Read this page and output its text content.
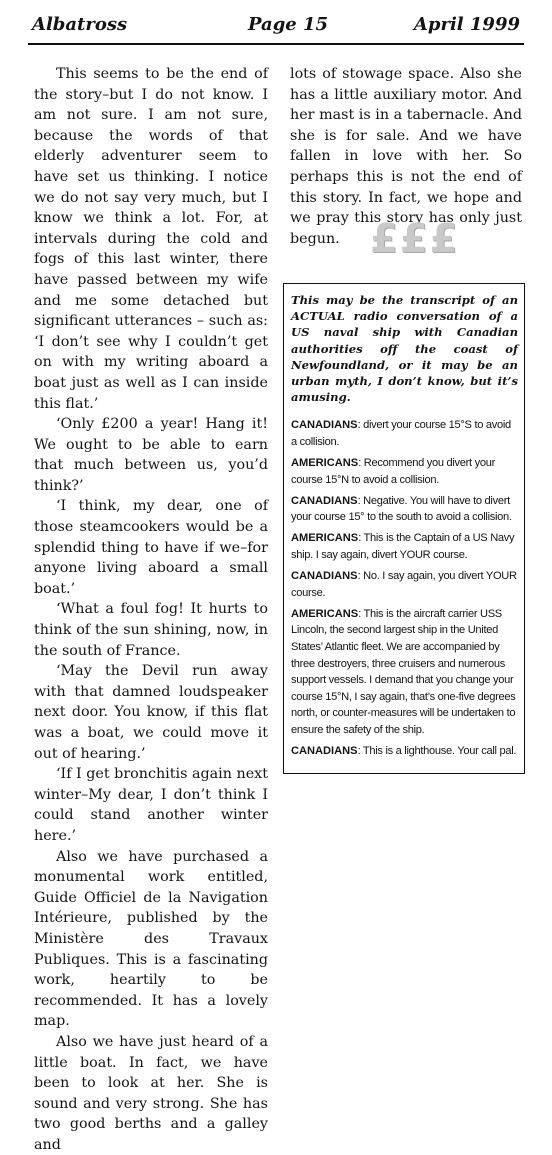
Albatross	Page 15	April 1999

This seems to be the end of the story–but I do not know. I am not sure. I am not sure, because the words of that elderly adventurer seem to have set us thinking. I notice we do not say very much, but I know we think a lot. For, at intervals during the cold and fogs of this last winter, there have passed between my wife and me some detached but significant utterances – such as: ‘I don’t see why I couldn’t get on with my writing aboard a boat just as well as I can inside this flat.’

‘Only £200 a year! Hang it! We ought to be able to earn that much between us, you’d think?’

‘I think, my dear, one of those steamcookers would be a splendid thing to have if we–for anyone living aboard a small boat.’

‘What a foul fog! It hurts to think of the sun shining, now, in the south of France.

‘May the Devil run away with that damned loudspeaker next door. You know, if this flat was a boat, we could move it out of hearing.’

‘If I get bronchitis again next winter–My dear, I don’t think I could stand another winter here.’

Also we have purchased a monumental work entitled, Guide Officiel de la Navigation Intérieure, published by the Ministère des Travaux Publiques. This is a fascinating work, heartily to be recommended. It has a lovely map.

Also we have just heard of a little boat. In fact, we have been to look at her. She is sound and very strong. She has two good berths and a galley and

lots of stowage space. Also she has a little auxiliary motor. And her mast is in a tabernacle. And she is for sale. And we have fallen in love with her. So perhaps this is not the end of this story. In fact, we hope and we pray this story has only just begun. £££

This may be the transcript of an ACTUAL radio conversation of a US naval ship with Canadian authorities off the coast of Newfoundland, or it may be an urban myth, I don’t know, but it’s amusing.

CANADIANS: divert your course 15°S to avoid a collision.

AMERICANS: Recommend you divert your course 15°N to avoid a collision.

CANADIANS: Negative. You will have to divert your course 15° to the south to avoid a collision.

AMERICANS: This is the Captain of a US Navy ship. I say again, divert YOUR course.

CANADIANS: No. I say again, you divert YOUR course.

AMERICANS: This is the aircraft carrier USS Lincoln, the second largest ship in the United States’ Atlantic fleet. We are accompanied by three destroyers, three cruisers and numerous support vessels. I demand that you change your course 15°N, I say again, that’s one-five degrees north, or counter-measures will be undertaken to ensure the safety of the ship.

CANADIANS: This is a lighthouse. Your call pal.
